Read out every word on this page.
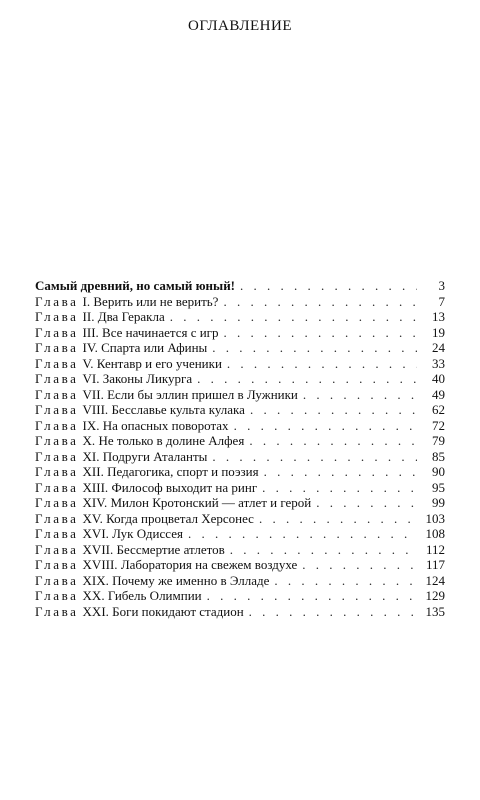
ОГЛАВЛЕНИЕ
Самый древний, но самый юный! . . .	3
Глава I. Верить или не верить? . . .	7
Глава II. Два Геракла . . .	13
Глава III. Все начинается с игр . . .	19
Глава IV. Спарта или Афины . . .	24
Глава V. Кентавр и его ученики . . .	33
Глава VI. Законы Ликурга . . .	40
Глава VII. Если бы эллин пришел в Лужники . . .	49
Глава VIII. Бесславье культа кулака . . .	62
Глава IX. На опасных поворотах . . .	72
Глава X. Не только в долине Алфея . . .	79
Глава XI. Подруги Аталанты . . .	85
Глава XII. Педагогика, спорт и поэзия . . .	90
Глава XIII. Философ выходит на ринг . . .	95
Глава XIV. Милон Кротонский — атлет и герой . . .	99
Глава XV. Когда процветал Херсонес . . .	103
Глава XVI. Лук Одиссея . . .	108
Глава XVII. Бессмертие атлетов . . .	112
Глава XVIII. Лаборатория на свежем воздухе . . .	117
Глава XIX. Почему же именно в Элладе . . .	124
Глава XX. Гибель Олимпии . . .	129
Глава XXI. Боги покидают стадион . . .	135
